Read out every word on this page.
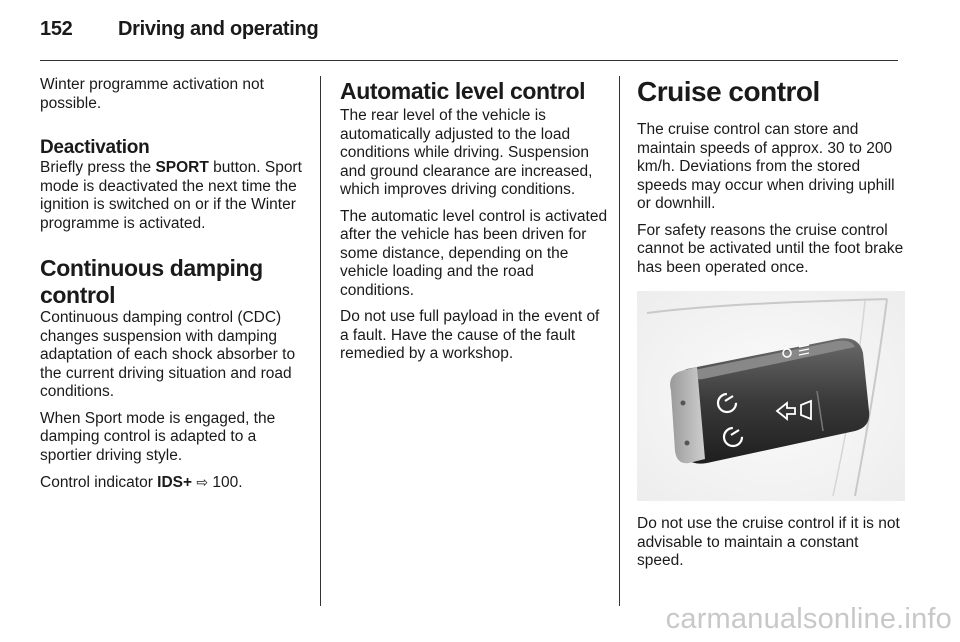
152 Driving and operating

Winter programme activation not possible.

Deactivation

Briefly press the SPORT button. Sport mode is deactivated the next time the ignition is switched on or if the Winter programme is activated.

Continuous damping control

Continuous damping control (CDC) changes suspension with damping adaptation of each shock absorber to the current driving situation and road conditions.

When Sport mode is engaged, the damping control is adapted to a sportier driving style.

Control indicator IDS+ ⇨ 100.

Automatic level control

The rear level of the vehicle is automatically adjusted to the load conditions while driving. Suspension and ground clearance are increased, which improves driving conditions.

The automatic level control is activated after the vehicle has been driven for some distance, depending on the vehicle loading and the road conditions.

Do not use full payload in the event of a fault. Have the cause of the fault remedied by a workshop.

Cruise control

The cruise control can store and maintain speeds of approx. 30 to 200 km/h. Deviations from the stored speeds may occur when driving uphill or downhill.

For safety reasons the cruise control cannot be activated until the foot brake has been operated once.

Do not use the cruise control if it is not advisable to maintain a constant speed.

carmanualsonline.info
